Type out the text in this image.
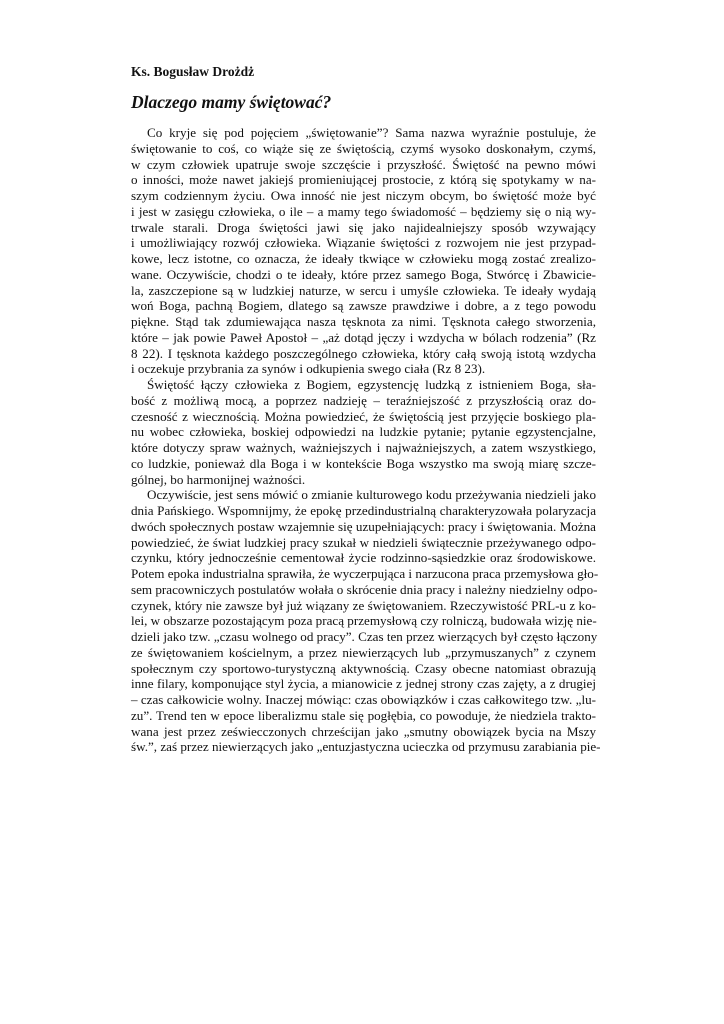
Ks. Bogusław Drożdż

Dlaczego mamy świętować?

Co kryje się pod pojęciem „świętowanie”? Sama nazwa wyraźnie postuluje, że
świętowanie to coś, co wiąże się ze świętością, czymś wysoko doskonałym, czymś,
w czym człowiek upatruje swoje szczęście i przyszłość. Świętość na pewno mówi
o inności, może nawet jakiejś promieniującej prostocie, z którą się spotykamy w na-
szym codziennym życiu. Owa inność nie jest niczym obcym, bo świętość może być
i jest w zasięgu człowieka, o ile – a mamy tego świadomość – będziemy się o nią wy-
trwale starali. Droga świętości jawi się jako najidealniejszy sposób wzywający
i umożliwiający rozwój człowieka. Wiązanie świętości z rozwojem nie jest przypad-
kowe, lecz istotne, co oznacza, że ideały tkwiące w człowieku mogą zostać zrealizo-
wane. Oczywiście, chodzi o te ideały, które przez samego Boga, Stwórcę i Zbawicie-
la, zaszczepione są w ludzkiej naturze, w sercu i umyśle człowieka. Te ideały wydają
woń Boga, pachną Bogiem, dlatego są zawsze prawdziwe i dobre, a z tego powodu
piękne. Stąd tak zdumiewająca nasza tęsknota za nimi. Tęsknota całego stworzenia,
które – jak powie Paweł Apostoł – „aż dotąd jęczy i wzdycha w bólach rodzenia” (Rz
8 22). I tęsknota każdego poszczególnego człowieka, który całą swoją istotą wzdycha
i oczekuje przybrania za synów i odkupienia swego ciała (Rz 8 23).

Świętość łączy człowieka z Bogiem, egzystencję ludzką z istnieniem Boga, sła-
bość z możliwą mocą, a poprzez nadzieję – teraźniejszość z przyszłością oraz do-
czesność z wiecznością. Można powiedzieć, że świętością jest przyjęcie boskiego pla-
nu wobec człowieka, boskiej odpowiedzi na ludzkie pytanie; pytanie egzystencjalne,
które dotyczy spraw ważnych, ważniejszych i najważniejszych, a zatem wszystkiego,
co ludzkie, ponieważ dla Boga i w kontekście Boga wszystko ma swoją miarę szcze-
gólnej, bo harmonijnej ważności.

Oczywiście, jest sens mówić o zmianie kulturowego kodu przeżywania niedzieli jako
dnia Pańskiego. Wspomnijmy, że epokę przedindustrialną charakteryzowała polaryzacja
dwóch społecznych postaw wzajemnie się uzupełniających: pracy i świętowania. Można
powiedzieć, że świat ludzkiej pracy szukał w niedzieli świątecznie przeżywanego odpo-
czynku, który jednocześnie cementował życie rodzinno-sąsiedzkie oraz środowiskowe.
Potem epoka industrialna sprawiła, że wyczerpująca i narzucona praca przemysłowa gło-
sem pracowniczych postulatów wołała o skrócenie dnia pracy i należny niedzielny odpo-
czynek, który nie zawsze był już wiązany ze świętowaniem. Rzeczywistość PRL-u z ko-
lei, w obszarze pozostającym poza pracą przemysłową czy rolniczą, budowała wizję nie-
dzieli jako tzw. „czasu wolnego od pracy”. Czas ten przez wierzących był często łączony
ze świętowaniem kościelnym, a przez niewierzących lub „przymuszanych” z czynem
społecznym czy sportowo-turystyczną aktywnością. Czasy obecne natomiast obrazują
inne filary, komponujące styl życia, a mianowicie z jednej strony czas zajęty, a z drugiej
– czas całkowicie wolny. Inaczej mówiąc: czas obowiązków i czas całkowitego tzw. „lu-
zu”. Trend ten w epoce liberalizmu stale się pogłębia, co powoduje, że niedziela trakto-
wana jest przez zeświecczonych chrześcijan jako „smutny obowiązek bycia na Mszy
św.”, zaś przez niewierzących jako „entuzjastyczna ucieczka od przymusu zarabiania pie-
